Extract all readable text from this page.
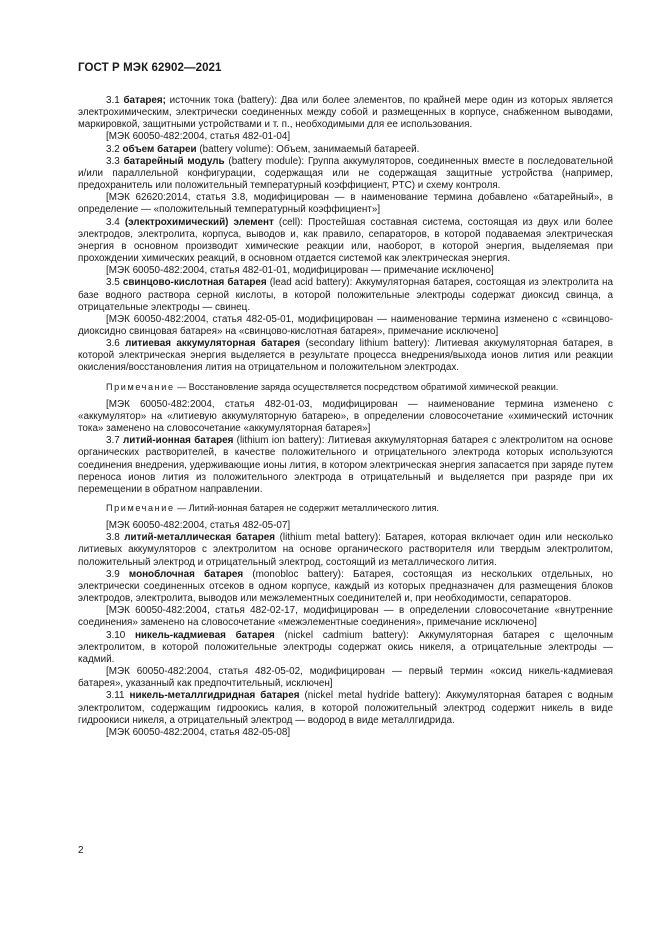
ГОСТ Р МЭК 62902—2021

3.1 батарея; источник тока (battery): Два или более элементов, по крайней мере один из которых является электрохимическим, электрически соединенных между собой и размещенных в корпусе, снабженном выводами, маркировкой, защитными устройствами и т. п., необходимыми для ее использования.

[МЭК 60050-482:2004, статья 482-01-04]

3.2 объем батареи (battery volume): Объем, занимаемый батареей.

3.3 батарейный модуль (battery module): Группа аккумуляторов, соединенных вместе в последовательной и/или параллельной конфигурации, содержащая или не содержащая защитные устройства (например, предохранитель или положительный температурный коэффициент, PTC) и схему контроля.

[МЭК 62620:2014, статья 3.8, модифицирован — в наименование термина добавлено «батарейный», в определение — «положительный температурный коэффициент»]

3.4 (электрохимический) элемент (cell): Простейшая составная система, состоящая из двух или более электродов, электролита, корпуса, выводов и, как правило, сепараторов, в которой подаваемая электрическая энергия в основном производит химические реакции или, наоборот, в которой энергия, выделяемая при прохождении химических реакций, в основном отдается системой как электрическая энергия.

[МЭК 60050-482:2004, статья 482-01-01, модифицирован — примечание исключено]

3.5 свинцово-кислотная батарея (lead acid battery): Аккумуляторная батарея, состоящая из электролита на базе водного раствора серной кислоты, в которой положительные электроды содержат диоксид свинца, а отрицательные электроды — свинец.

[МЭК 60050-482:2004, статья 482-05-01, модифицирован — наименование термина изменено с «свинцово-диоксидно свинцовая батарея» на «свинцово-кислотная батарея», примечание исключено]

3.6 литиевая аккумуляторная батарея (secondary lithium battery): Литиевая аккумуляторная батарея, в которой электрическая энергия выделяется в результате процесса внедрения/выхода ионов лития или реакции окисления/восстановления лития на отрицательном и положительном электродах.

Примечание — Восстановление заряда осуществляется посредством обратимой химической реакции.

[МЭК 60050-482:2004, статья 482-01-03, модифицирован — наименование термина изменено с «аккумулятор» на «литиевую аккумуляторную батарею», в определении словосочетание «химический источник тока» заменено на словосочетание «аккумуляторная батарея»]

3.7 литий-ионная батарея (lithium ion battery): Литиевая аккумуляторная батарея с электролитом на основе органических растворителей, в качестве положительного и отрицательного электрода которых используются соединения внедрения, удерживающие ионы лития, в котором электрическая энергия запасается при заряде путем переноса ионов лития из положительного электрода в отрицательный и выделяется при разряде при их перемещении в обратном направлении.

Примечание — Литий-ионная батарея не содержит металлического лития.

[МЭК 60050-482:2004, статья 482-05-07]

3.8 литий-металлическая батарея (lithium metal battery): Батарея, которая включает один или несколько литиевых аккумуляторов с электролитом на основе органического растворителя или твердым электролитом, положительный электрод и отрицательный электрод, состоящий из металлического лития.

3.9 моноблочная батарея (monobloc battery): Батарея, состоящая из нескольких отдельных, но электрически соединенных отсеков в одном корпусе, каждый из которых предназначен для размещения блоков электродов, электролита, выводов или межэлементных соединителей и, при необходимости, сепараторов.

[МЭК 60050-482:2004, статья 482-02-17, модифицирован — в определении словосочетание «внутренние соединения» заменено на словосочетание «межэлементные соединения», примечание исключено]

3.10 никель-кадмиевая батарея (nickel cadmium battery): Аккумуляторная батарея с щелочным электролитом, в которой положительные электроды содержат окись никеля, а отрицательные электроды — кадмий.

[МЭК 60050-482:2004, статья 482-05-02, модифицирован — первый термин «оксид никель-кадмиевая батарея», указанный как предпочтительный, исключен]

3.11 никель-металлгидридная батарея (nickel metal hydride battery): Аккумуляторная батарея с водным электролитом, содержащим гидроокись калия, в которой положительный электрод содержит никель в виде гидроокиси никеля, а отрицательный электрод — водород в виде металлгидрида.

[МЭК 60050-482:2004, статья 482-05-08]

2
